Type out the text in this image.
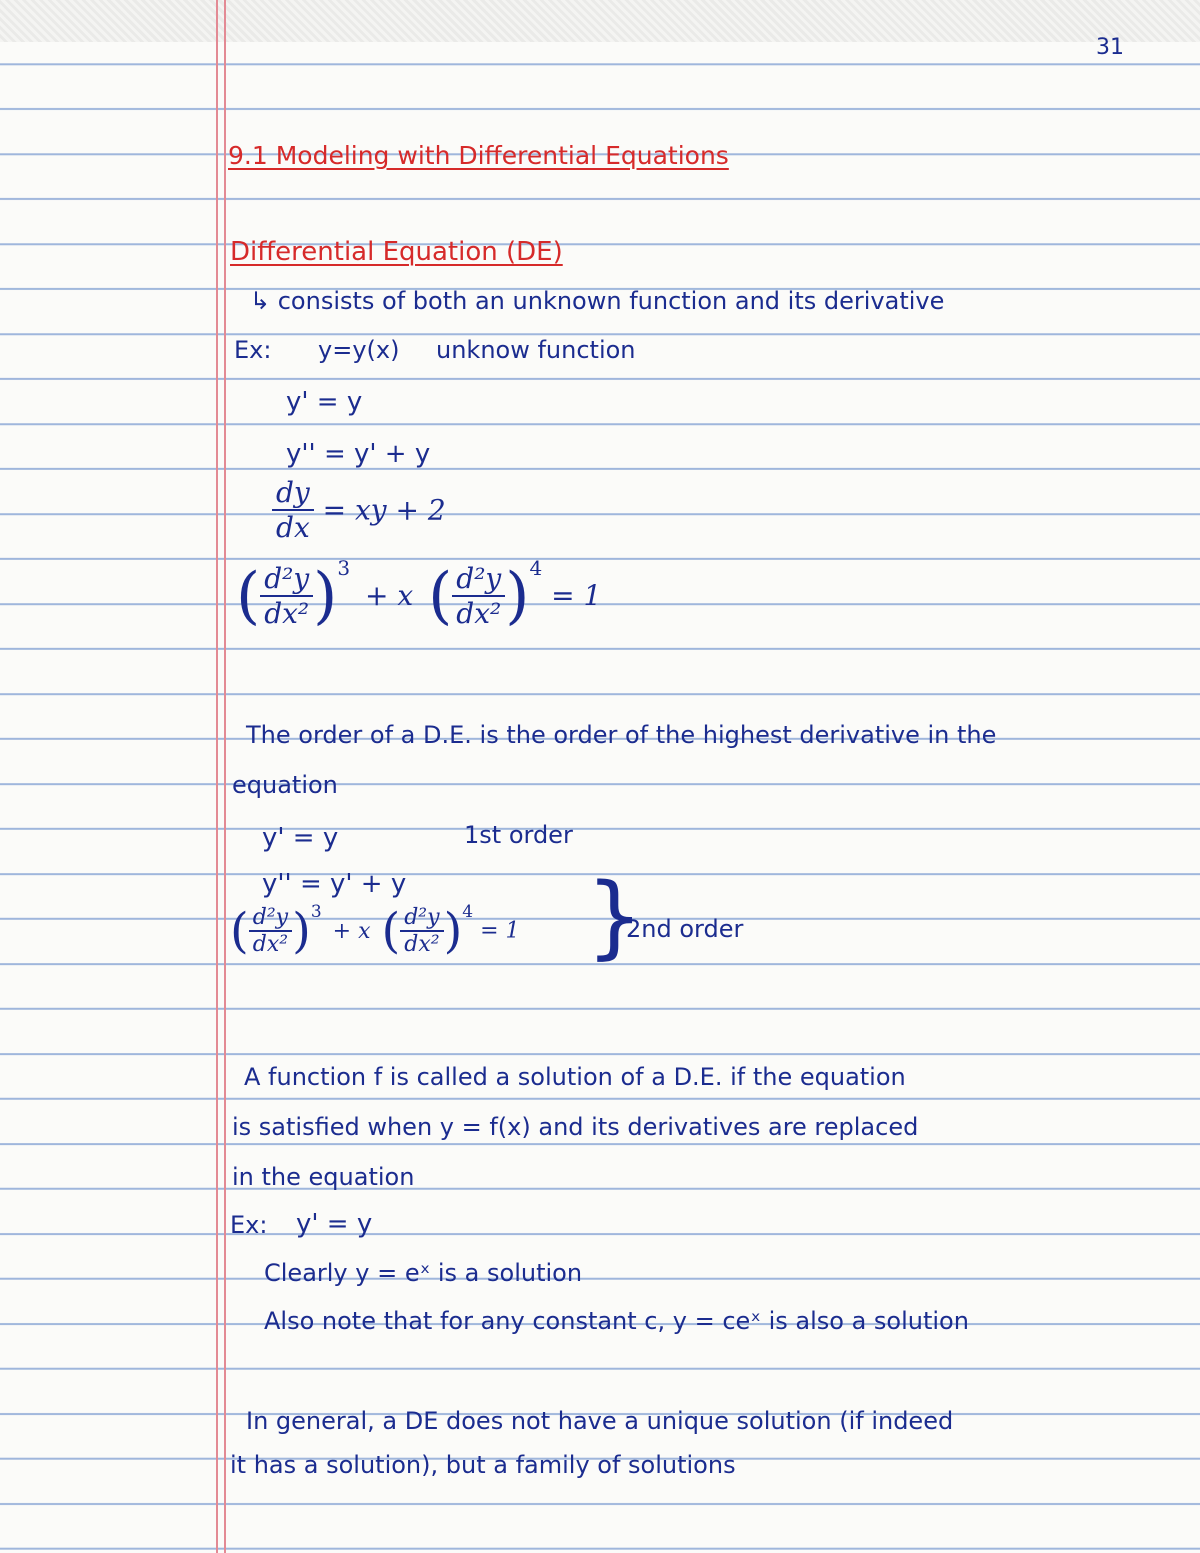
31
9.1 Modeling with Differential Equations
Differential Equation (DE)
↳ consists of both an unknown function and its derivative
Ex: y=y(x) unknow function
y' = y
y'' = y' + y
$\frac{dy}{dx}$ = xy + 2
( $\frac{\text{d²y}}{\text{dx²}} )^3 + x$ ( $\frac{\text{d²y}}{\text{dx²}} )^4 = 1$
The order of a D.E. is the order of the highest derivative in the
equation
y' = y	1st order
y'' = y' + y
( $\frac{\text{d²y}}{\text{dx²}} )^3 + x$ ( $\frac{\text{d²y}}{\text{dx²}} )^4 = 1$ }
2nd order
A function f is called a solution of a D.E. if the equation
is satisfied when y = f(x) and its derivatives are replaced
in the equation
Ex: y' = y
Clearly y = eˣ is a solution
Also note that for any constant c, y = ceˣ is also a solution
In general, a DE does not have a unique solution (if indeed
it has a solution), but a family of solutions
